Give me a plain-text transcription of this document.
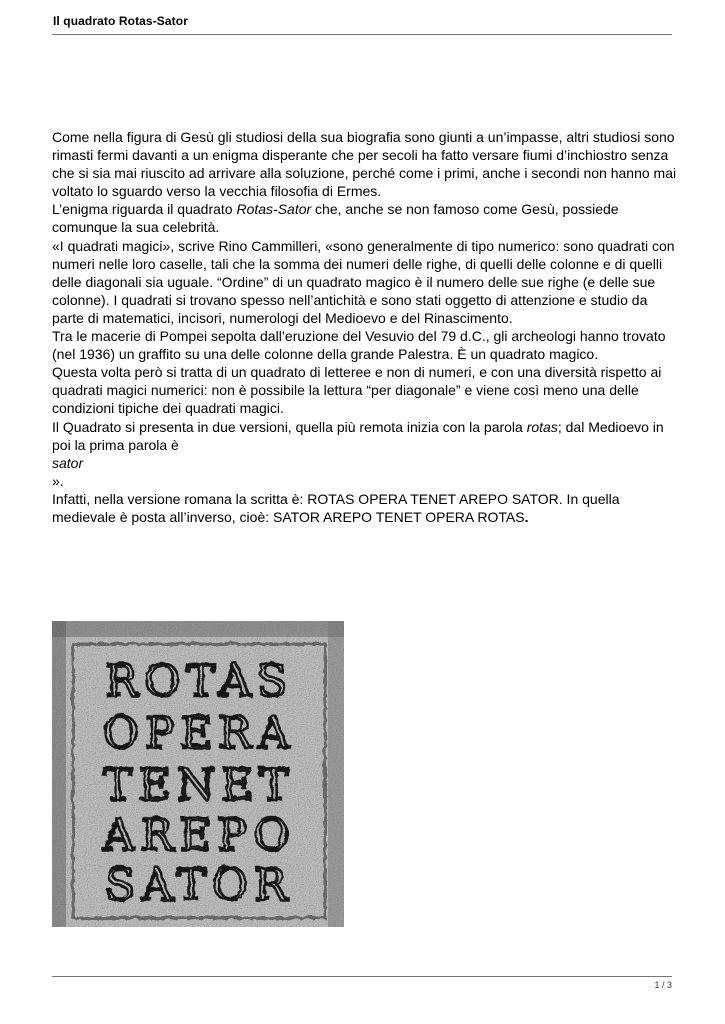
Il quadrato Rotas-Sator

Come nella figura di Gesù gli studiosi della sua biografia sono giunti a un’impasse, altri studiosi sono rimasti fermi davanti a un enigma disperante che per secoli ha fatto versare fiumi d’inchiostro senza che si sia mai riuscito ad arrivare alla soluzione, perché come i primi, anche i secondi non hanno mai voltato lo sguardo verso la vecchia filosofia di Ermes.

L’enigma riguarda il quadrato Rotas-Sator che, anche se non famoso come Gesù, possiede comunque la sua celebrità.

«I quadrati magici», scrive Rino Cammilleri, «sono generalmente di tipo numerico: sono quadrati con numeri nelle loro caselle, tali che la somma dei numeri delle righe, di quelli delle colonne e di quelli delle diagonali sia uguale. “Ordine” di un quadrato magico è il numero delle sue righe (e delle sue colonne). I quadrati si trovano spesso nell’antichità e sono stati oggetto di attenzione e studio da parte di matematici, incisori, numerologi del Medioevo e del Rinascimento.

Tra le macerie di Pompei sepolta dall’eruzione del Vesuvio del 79 d.C., gli archeologi hanno trovato (nel 1936) un graffito su una delle colonne della grande Palestra. È un quadrato magico.

Questa volta però si tratta di un quadrato di letteree e non di numeri, e con una diversità rispetto ai quadrati magici numerici: non è possibile la lettura “per diagonale” e viene così meno una delle condizioni tipiche dei quadrati magici.

Il Quadrato si presenta in due versioni, quella più remota inizia con la parola rotas; dal Medioevo in poi la prima parola è

sator

».

Infatti, nella versione romana la scritta è: ROTAS OPERA TENET AREPO SATOR. In quella medievale è posta all’inverso, cioè: SATOR AREPO TENET OPERA ROTAS.

ROTAS
OPERA
TENET
AREPO
SATOR
1 / 3
